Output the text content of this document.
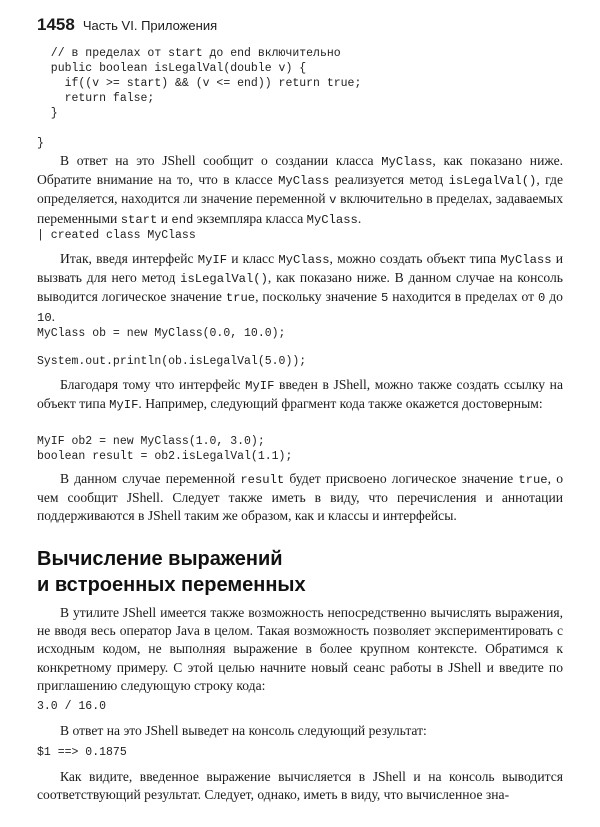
1458 Часть VI. Приложения
// в пределах от start до end включительно
public boolean isLegalVal(double v) {
if((v >= start) && (v <= end)) return true;
return false;
}

}

В ответ на это JShell сообщит о создании класса MyClass, как показано ниже. Обратите внимание на то, что в классе MyClass реализуется метод isLegalVal(), где определяется, находится ли значение переменной v включительно в пределах, задаваемых переменными start и end экземпляра класса MyClass.

| created class MyClass

Итак, введя интерфейс MyIF и класс MyClass, можно создать объект типа MyClass и вызвать для него метод isLegalVal(), как показано ниже. В данном случае на консоль выводится логическое значение true, поскольку значение 5 находится в пределах от 0 до 10.

MyClass ob = new MyClass(0.0, 10.0);
System.out.println(ob.isLegalVal(5.0));

Благодаря тому что интерфейс MyIF введен в JShell, можно также создать ссылку на объект типа MyIF. Например, следующий фрагмент кода также окажется достоверным:

MyIF ob2 = new MyClass(1.0, 3.0);
boolean result = ob2.isLegalVal(1.1);

В данном случае переменной result будет присвоено логическое значение true, о чем сообщит JShell. Следует также иметь в виду, что перечисления и аннотации поддерживаются в JShell таким же образом, как и классы и интерфейсы.

Вычисление выражений
и встроенных переменных

В утилите JShell имеется также возможность непосредственно вычислять выражения, не вводя весь оператор Java в целом. Такая возможность позволяет экспериментировать с исходным кодом, не выполняя выражение в более крупном контексте. Обратимся к конкретному примеру. С этой целью начните новый сеанс работы в JShell и введите по приглашению следующую строку кода:

3.0 / 16.0

В ответ на это JShell выведет на консоль следующий результат:

$1 ==> 0.1875

Как видите, введенное выражение вычисляется в JShell и на консоль выводится соответствующий результат. Следует, однако, иметь в виду, что вычисленное зна-
